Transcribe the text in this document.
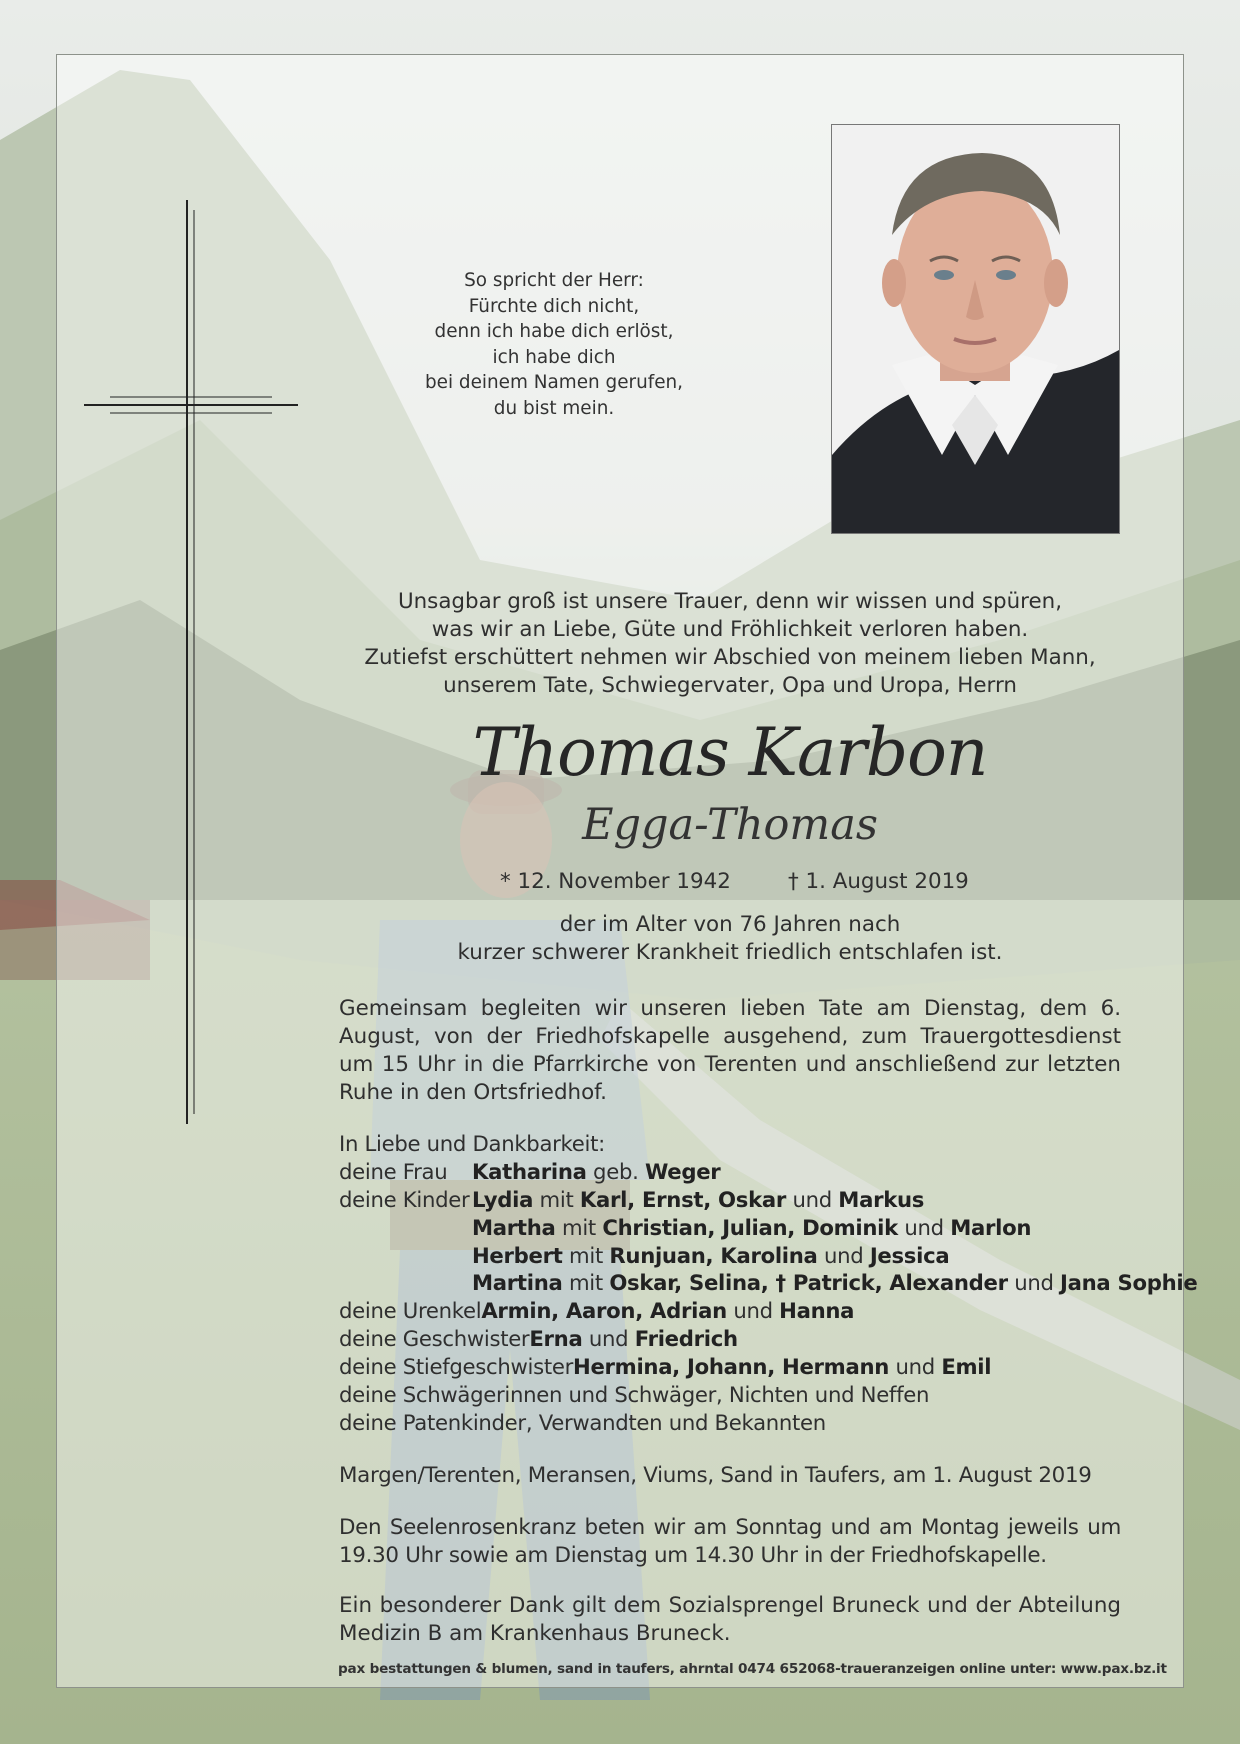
So spricht der Herr:
Fürchte dich nicht,
denn ich habe dich erlöst,
ich habe dich
bei deinem Namen gerufen,
du bist mein.
Unsagbar groß ist unsere Trauer, denn wir wissen und spüren,
was wir an Liebe, Güte und Fröhlichkeit verloren haben.
Zutiefst erschüttert nehmen wir Abschied von meinem lieben Mann,
unserem Tate, Schwiegervater, Opa und Uropa, Herrn
Thomas Karbon
Egga-Thomas
* 12. November 1942	† 1. August 2019
der im Alter von 76 Jahren nach
kurzer schwerer Krankheit friedlich entschlafen ist.
Gemeinsam begleiten wir unseren lieben Tate am Dienstag, dem 6. August, von der Friedhofskapelle ausgehend, zum Trauergottesdienst um 15 Uhr in die Pfarrkirche von Terenten und anschließend zur letzten Ruhe in den Ortsfriedhof.
In Liebe und Dankbarkeit:
deine Frau Katharina geb. Weger
deine Kinder Lydia mit Karl, Ernst, Oskar und Markus
Martha mit Christian, Julian, Dominik und Marlon
Herbert mit Runjuan, Karolina und Jessica
Martina mit Oskar, Selina, † Patrick, Alexander und Jana Sophie
deine UrenkelArmin, Aaron, Adrian und Hanna
deine GeschwisterErna und Friedrich
deine StiefgeschwisterHermina, Johann, Hermann und Emil
deine Schwägerinnen und Schwäger, Nichten und Neffen
deine Patenkinder, Verwandten und Bekannten
Margen/Terenten, Meransen, Viums, Sand in Taufers, am 1. August 2019
Den Seelenrosenkranz beten wir am Sonntag und am Montag jeweils um 19.30 Uhr sowie am Dienstag um 14.30 Uhr in der Friedhofskapelle.
Ein besonderer Dank gilt dem Sozialsprengel Bruneck und der Abteilung Medizin B am Krankenhaus Bruneck.
pax bestattungen & blumen, sand in taufers, ahrntal 0474 652068-traueranzeigen online unter: www.pax.bz.it
